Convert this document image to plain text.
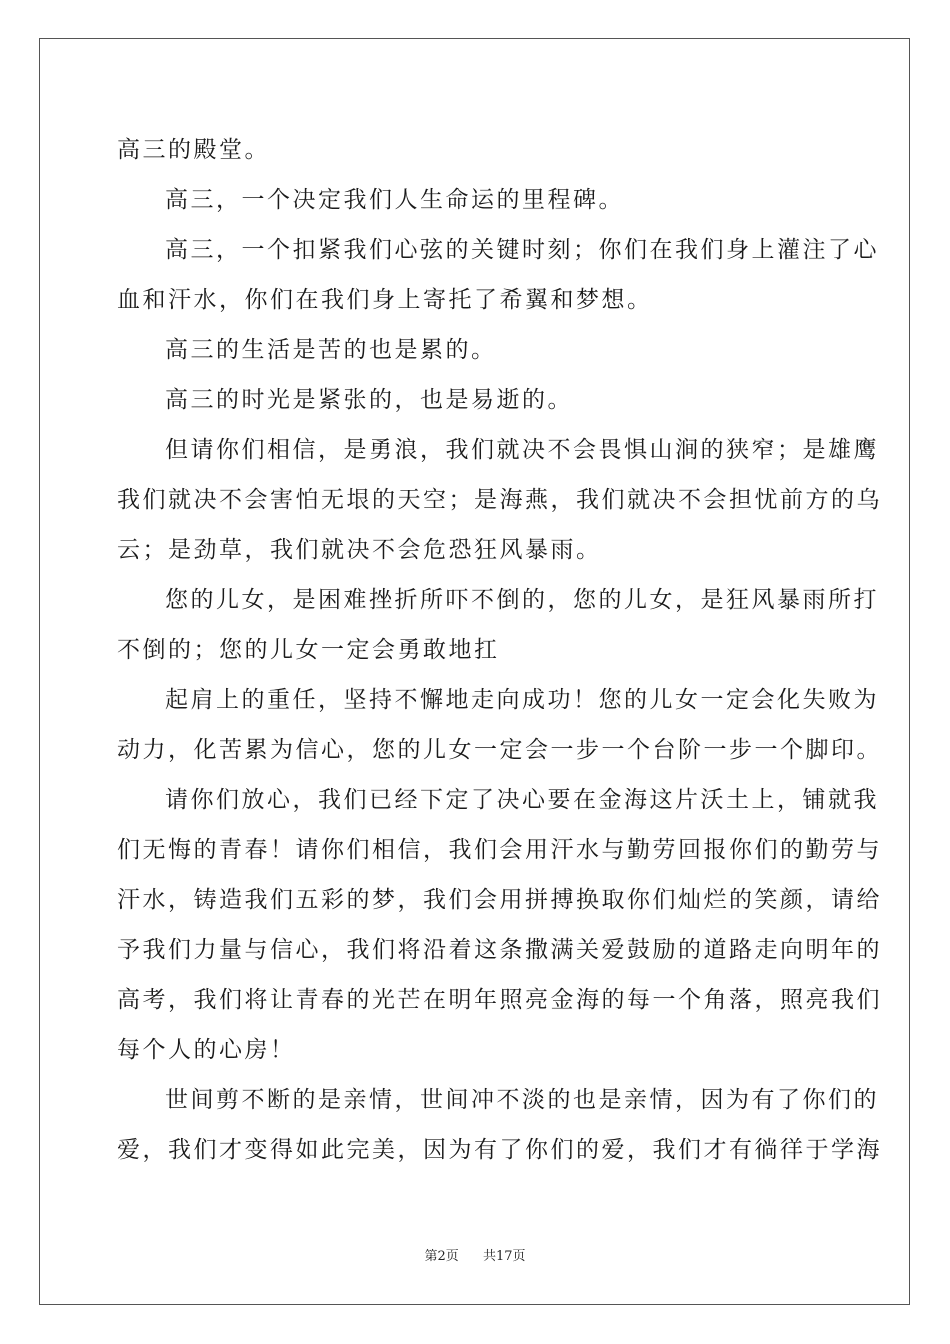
高三的殿堂。
高三，一个决定我们人生命运的里程碑。
高三，一个扣紧我们心弦的关键时刻；你们在我们身上灌注了心
血和汗水，你们在我们身上寄托了希翼和梦想。
高三的生活是苦的也是累的。
高三的时光是紧张的，也是易逝的。
但请你们相信，是勇浪，我们就决不会畏惧山涧的狭窄；是雄鹰
我们就决不会害怕无垠的天空；是海燕，我们就决不会担忧前方的乌
云；是劲草，我们就决不会危恐狂风暴雨。
您的儿女，是困难挫折所吓不倒的，您的儿女，是狂风暴雨所打
不倒的；您的儿女一定会勇敢地扛
起肩上的重任，坚持不懈地走向成功！您的儿女一定会化失败为
动力，化苦累为信心，您的儿女一定会一步一个台阶一步一个脚印。
请你们放心，我们已经下定了决心要在金海这片沃土上，铺就我
们无悔的青春！请你们相信，我们会用汗水与勤劳回报你们的勤劳与
汗水，铸造我们五彩的梦，我们会用拼搏换取你们灿烂的笑颜，请给
予我们力量与信心，我们将沿着这条撒满关爱鼓励的道路走向明年的
高考，我们将让青春的光芒在明年照亮金海的每一个角落，照亮我们
每个人的心房！
世间剪不断的是亲情，世间冲不淡的也是亲情，因为有了你们的
爱，我们才变得如此完美，因为有了你们的爱，我们才有徜徉于学海
第2页 共17页
